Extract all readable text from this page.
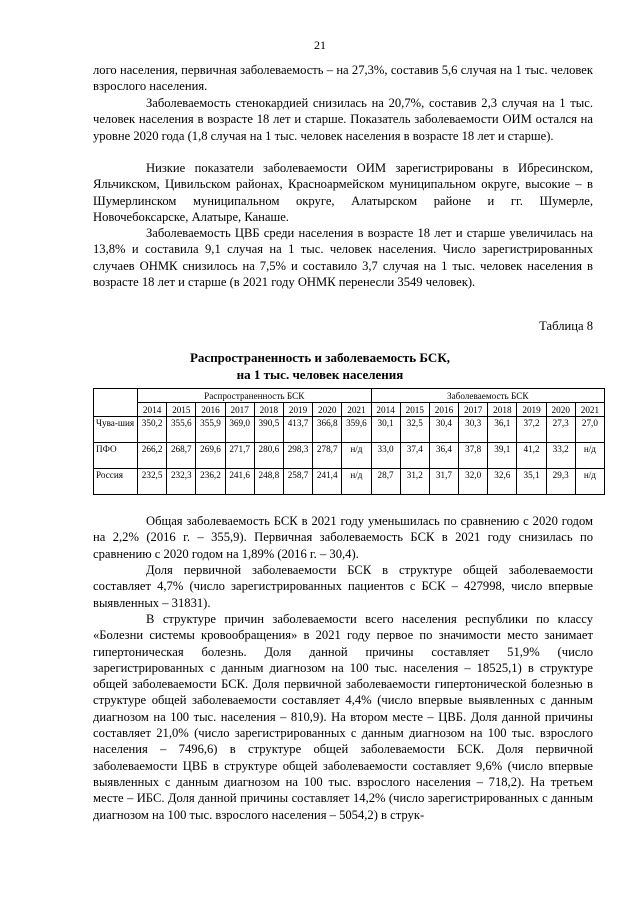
21

лого населения, первичная заболеваемость – на 27,3%, составив 5,6 случая на 1 тыс. человек взрослого населения.

Заболеваемость стенокардией снизилась на 20,7%, составив 2,3 случая на 1 тыс. человек населения в возрасте 18 лет и старше. Показатель заболеваемости ОИМ остался на уровне 2020 года (1,8 случая на 1 тыс. человек населения в возрасте 18 лет и старше).

Низкие показатели заболеваемости ОИМ зарегистрированы в Ибресинском, Яльчикском, Цивильском районах, Красноармейском муниципальном округе, высокие – в Шумерлинском муниципальном округе, Алатырском районе и гг. Шумерле, Новочебоксарске, Алатыре, Канаше.

Заболеваемость ЦВБ среди населения в возрасте 18 лет и старше увеличилась на 13,8% и составила 9,1 случая на 1 тыс. человек населения. Число зарегистрированных случаев ОНМК снизилось на 7,5% и составило 3,7 случая на 1 тыс. человек населения в возрасте 18 лет и старше (в 2021 году ОНМК перенесли 3549 человек).

Таблица 8
Распространенность и заболеваемость БСК,
на 1 тыс. человек населения
	Распространенность БСК								Заболеваемость БСК							
	2014	2015	2016	2017	2018	2019	2020	2021	2014	2015	2016	2017	2018	2019	2020	2021
Чува-шия	350,2	355,6	355,9	369,0	390,5	413,7	366,8	359,6	30,1	32,5	30,4	30,3	36,1	37,2	27,3	27,0
ПФО	266,2	268,7	269,6	271,7	280,6	298,3	278,7	н/д	33,0	37,4	36,4	37,8	39,1	41,2	33,2	н/д
Россия	232,5	232,3	236,2	241,6	248,8	258,7	241,4	н/д	28,7	31,2	31,7	32,0	32,6	35,1	29,3	н/д

Общая заболеваемость БСК в 2021 году уменьшилась по сравнению с 2020 годом на 2,2% (2016 г. – 355,9). Первичная заболеваемость БСК в 2021 году снизилась по сравнению с 2020 годом на 1,89% (2016 г. – 30,4).

Доля первичной заболеваемости БСК в структуре общей заболеваемости составляет 4,7% (число зарегистрированных пациентов с БСК – 427998, число впервые выявленных – 31831).

В структуре причин заболеваемости всего населения республики по классу «Болезни системы кровообращения» в 2021 году первое по значимости место занимает гипертоническая болезнь. Доля данной причины составляет 51,9% (число зарегистрированных с данным диагнозом на 100 тыс. населения – 18525,1) в структуре общей заболеваемости БСК. Доля первичной заболеваемости гипертонической болезнью в структуре общей заболеваемости составляет 4,4% (число впервые выявленных с данным диагнозом на 100 тыс. населения – 810,9). На втором месте – ЦВБ. Доля данной причины составляет 21,0% (число зарегистрированных с данным диагнозом на 100 тыс. взрослого населения – 7496,6) в структуре общей заболеваемости БСК. Доля первичной заболеваемости ЦВБ в структуре общей заболеваемости составляет 9,6% (число впервые выявленных с данным диагнозом на 100 тыс. взрослого населения – 718,2). На третьем месте – ИБС. Доля данной причины составляет 14,2% (число зарегистрированных с данным диагнозом на 100 тыс. взрослого населения – 5054,2) в струк-
